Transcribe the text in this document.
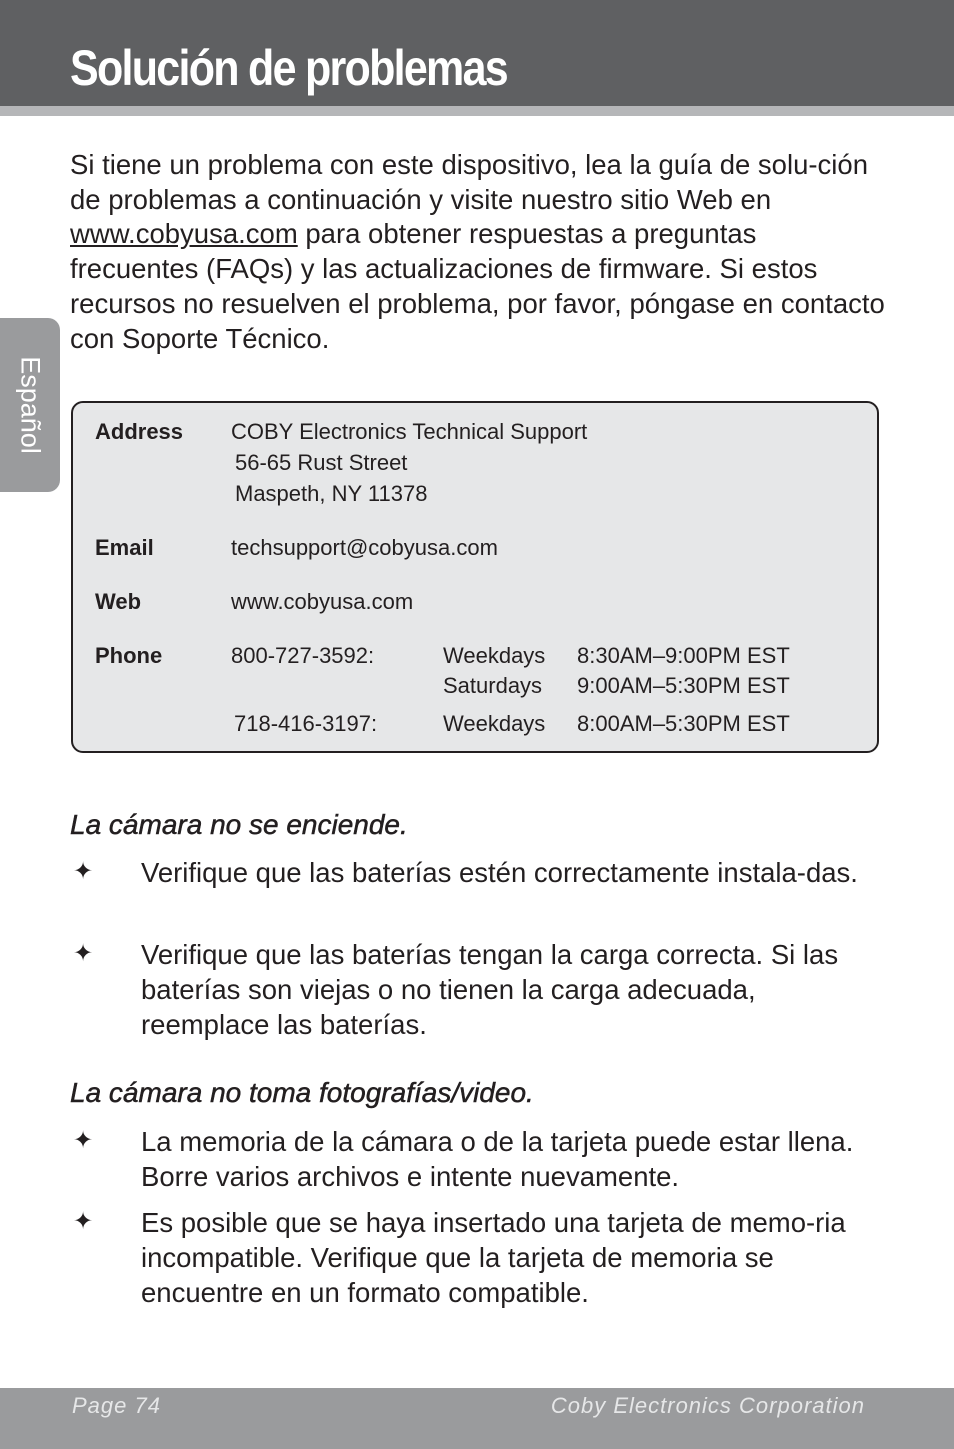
Solución de problemas
Español

Si tiene un problema con este dispositivo, lea la guía de solu-ción de problemas a continuación y visite nuestro sitio Web en www.cobyusa.com para obtener respuestas a preguntas frecuentes (FAQs) y las actualizaciones de firmware. Si estos recursos no resuelven el problema, por favor, póngase en contacto con Soporte Técnico.

Address COBY Electronics Technical Support
56-65 Rust Street
Maspeth, NY 11378
Email	techsupport@cobyusa.com
Web	www.cobyusa.com
Phone	800-727-3592:	Weekdays 8:30AM–9:00PM EST
Saturdays 9:00AM–5:30PM EST
718-416-3197:	Weekdays 8:00AM–5:30PM EST
La cámara no se enciende.
✦ Verifique que las baterías estén correctamente instala-das.

✦ Verifique que las baterías tengan la carga correcta. Si las baterías son viejas o no tienen la carga adecuada, reemplace las baterías.

La cámara no toma fotografías/video.
✦ La memoria de la cámara o de la tarjeta puede estar llena. Borre varios archivos e intente nuevamente.

✦ Es posible que se haya insertado una tarjeta de memo-ria incompatible. Verifique que la tarjeta de memoria se encuentre en un formato compatible.

Page 74	Coby Electronics Corporation
